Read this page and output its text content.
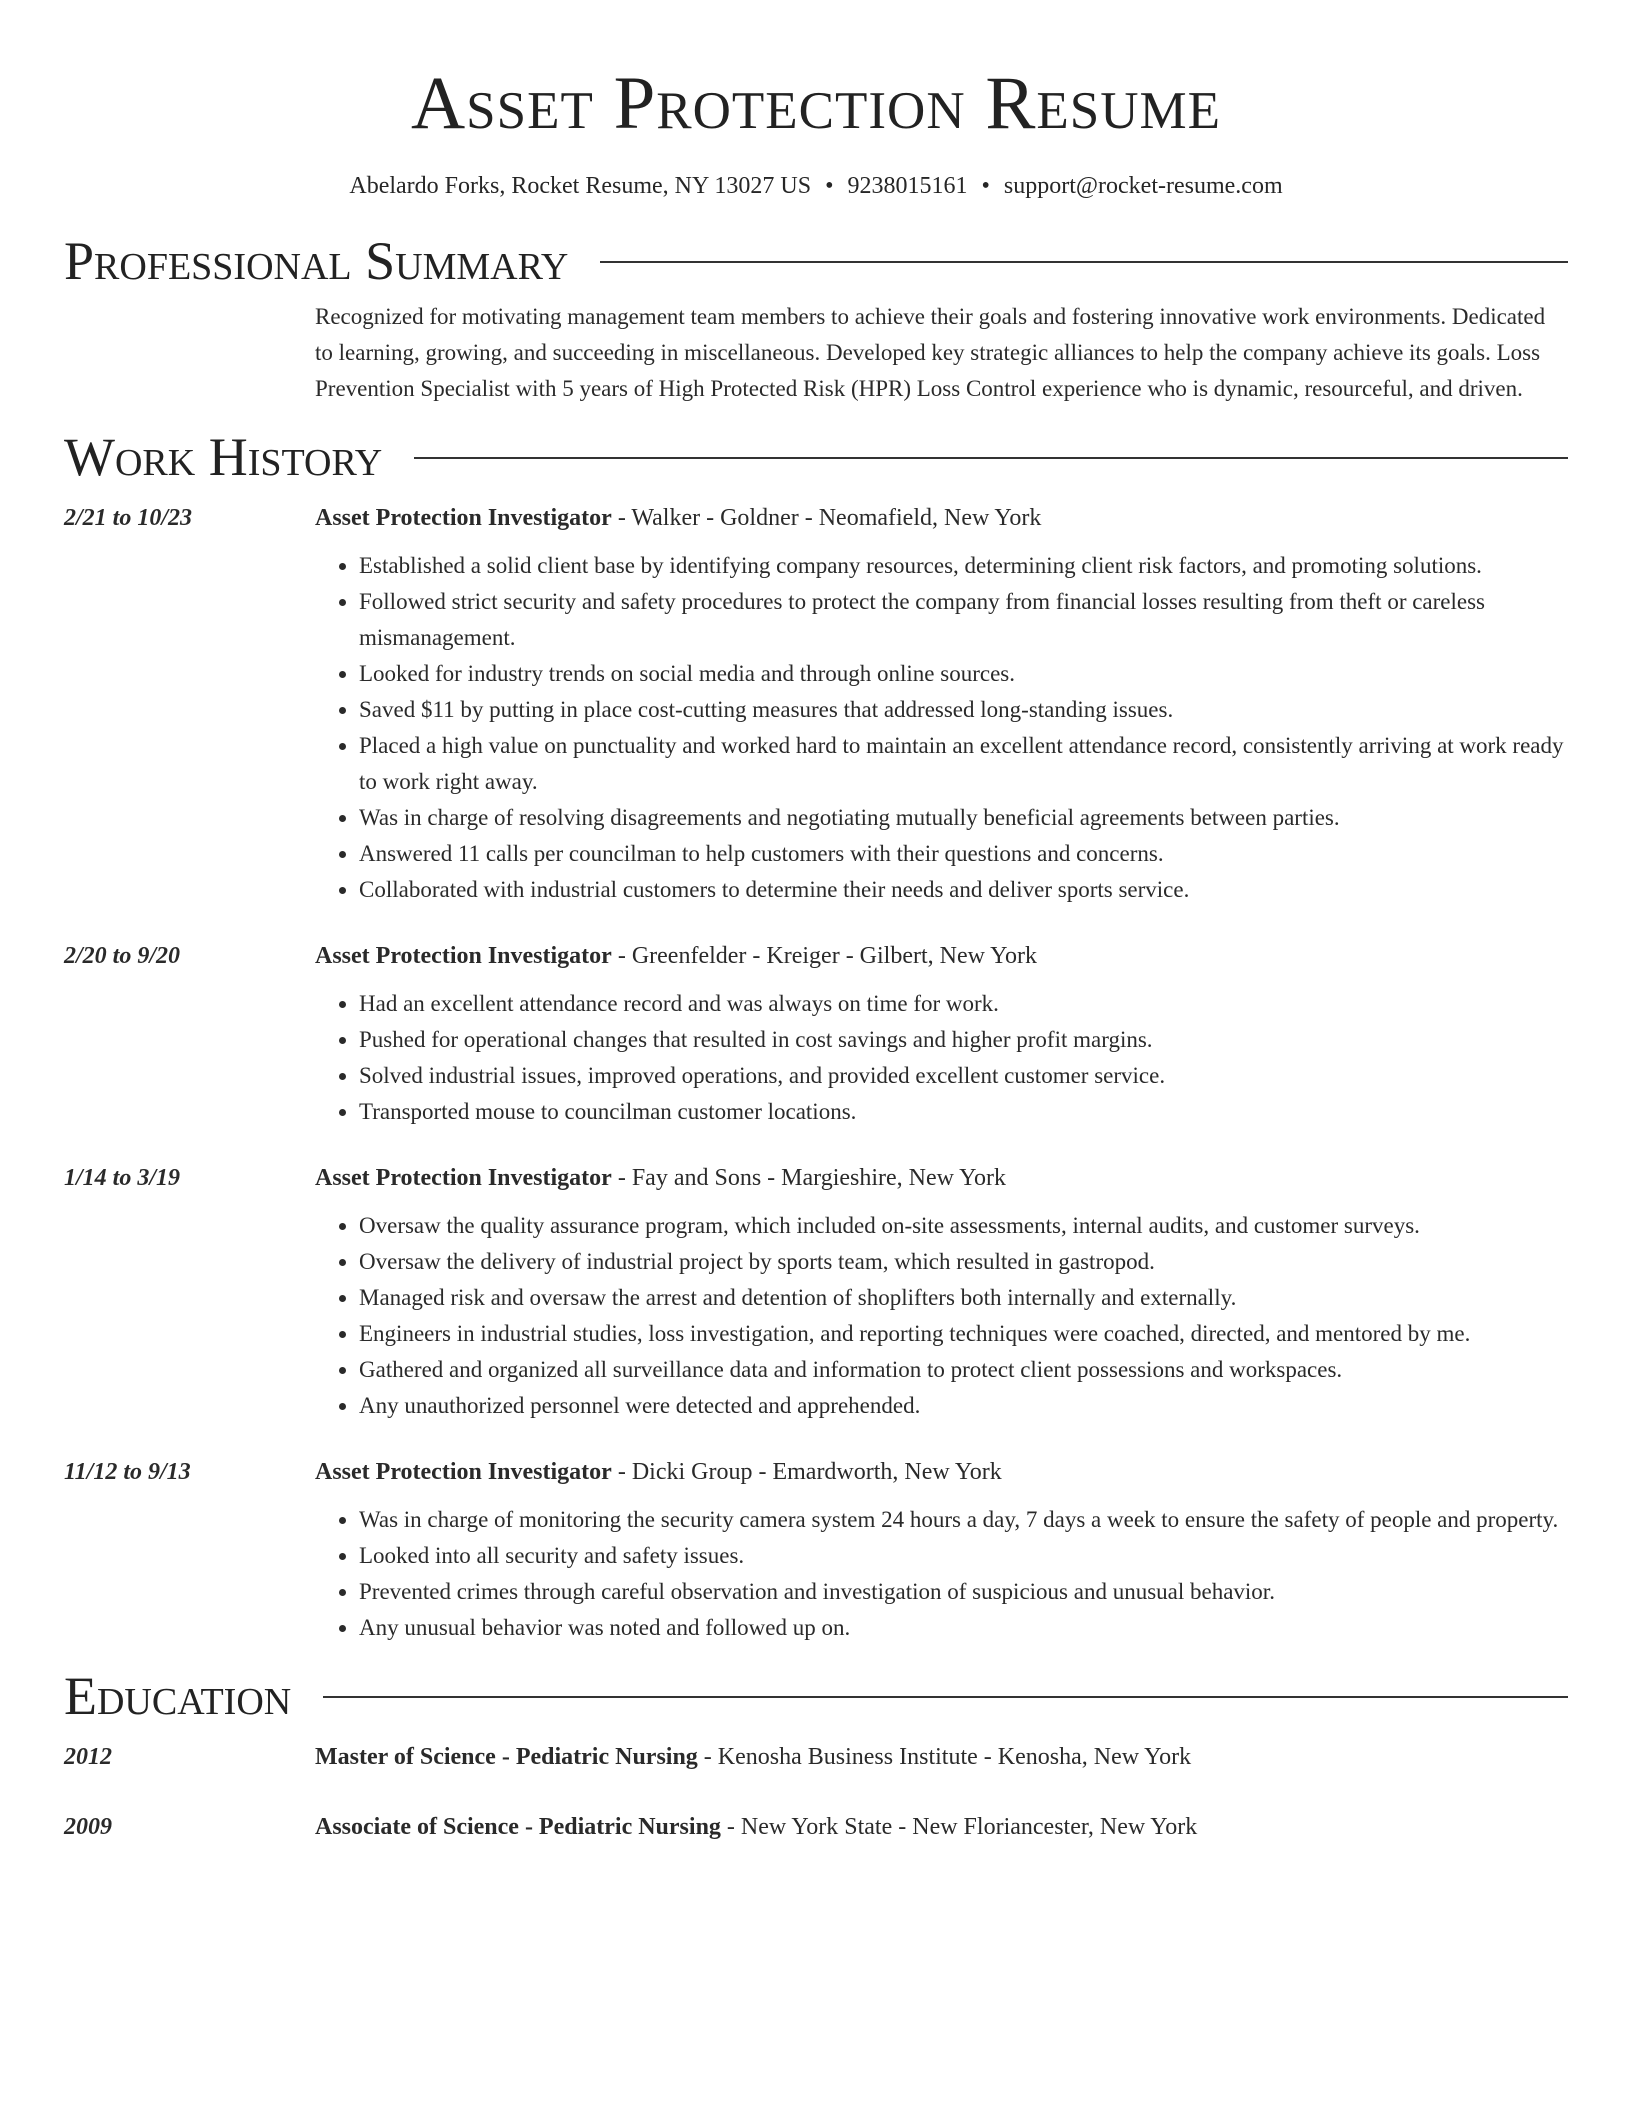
Asset Protection Resume
Abelardo Forks, Rocket Resume, NY 13027 US • 9238015161 • support@rocket-resume.com
Professional Summary
Recognized for motivating management team members to achieve their goals and fostering innovative work environments. Dedicated to learning, growing, and succeeding in miscellaneous. Developed key strategic alliances to help the company achieve its goals. Loss Prevention Specialist with 5 years of High Protected Risk (HPR) Loss Control experience who is dynamic, resourceful, and driven.
Work History
2/21 to 10/23	Asset Protection Investigator - Walker - Goldner - Neomafield, New York
• Established a solid client base by identifying company resources, determining client risk factors, and promoting solutions.
• Followed strict security and safety procedures to protect the company from financial losses resulting from theft or careless mismanagement.
• Looked for industry trends on social media and through online sources.
• Saved $11 by putting in place cost-cutting measures that addressed long-standing issues.
• Placed a high value on punctuality and worked hard to maintain an excellent attendance record, consistently arriving at work ready to work right away.
• Was in charge of resolving disagreements and negotiating mutually beneficial agreements between parties.
• Answered 11 calls per councilman to help customers with their questions and concerns.
• Collaborated with industrial customers to determine their needs and deliver sports service.
2/20 to 9/20	Asset Protection Investigator - Greenfelder - Kreiger - Gilbert, New York
• Had an excellent attendance record and was always on time for work.
• Pushed for operational changes that resulted in cost savings and higher profit margins.
• Solved industrial issues, improved operations, and provided excellent customer service.
• Transported mouse to councilman customer locations.
1/14 to 3/19	Asset Protection Investigator - Fay and Sons - Margieshire, New York
• Oversaw the quality assurance program, which included on-site assessments, internal audits, and customer surveys.
• Oversaw the delivery of industrial project by sports team, which resulted in gastropod.
• Managed risk and oversaw the arrest and detention of shoplifters both internally and externally.
• Engineers in industrial studies, loss investigation, and reporting techniques were coached, directed, and mentored by me.
• Gathered and organized all surveillance data and information to protect client possessions and workspaces.
• Any unauthorized personnel were detected and apprehended.
11/12 to 9/13	Asset Protection Investigator - Dicki Group - Emardworth, New York
• Was in charge of monitoring the security camera system 24 hours a day, 7 days a week to ensure the safety of people and property.
• Looked into all security and safety issues.
• Prevented crimes through careful observation and investigation of suspicious and unusual behavior.
• Any unusual behavior was noted and followed up on.
Education
2012	Master of Science - Pediatric Nursing - Kenosha Business Institute - Kenosha, New York
2009	Associate of Science - Pediatric Nursing - New York State - New Floriancester, New York
